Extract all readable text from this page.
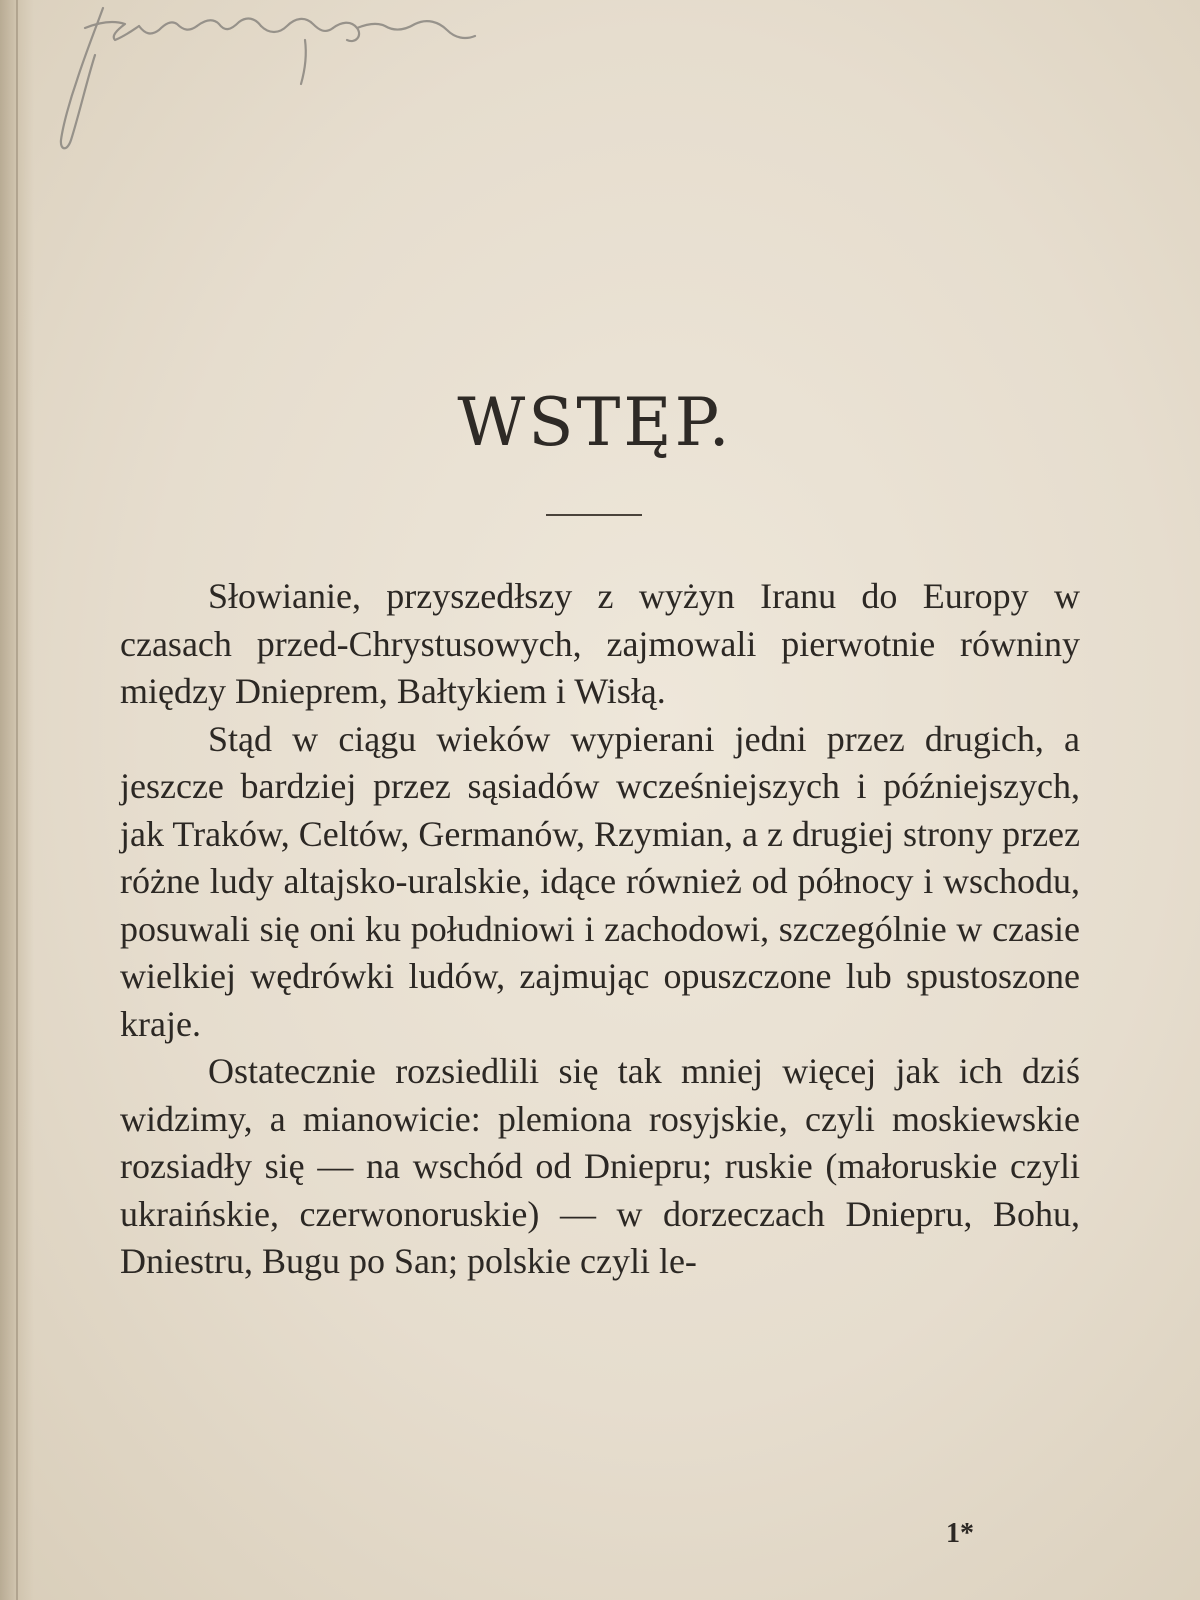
WSTĘP.

Słowianie, przyszedłszy z wyżyn Iranu do Europy w czasach przed-Chrystusowych, zajmowali pierwotnie równiny między Dnieprem, Bałtykiem i Wisłą.

Stąd w ciągu wieków wypierani jedni przez drugich, a jeszcze bardziej przez sąsiadów wcześniejszych i późniejszych, jak Traków, Celtów, Germanów, Rzymian, a z drugiej strony przez różne ludy altajsko-uralskie, idące również od północy i wschodu, posuwali się oni ku południowi i zachodowi, szczególnie w czasie wielkiej wędrówki ludów, zajmując opuszczone lub spustoszone kraje.

Ostatecznie rozsiedlili się tak mniej więcej jak ich dziś widzimy, a mianowicie: plemiona rosyjskie, czyli moskiewskie rozsiadły się — na wschód od Dniepru; ruskie (małoruskie czyli ukraińskie, czerwonoruskie) — w dorzeczach Dniepru, Bohu, Dniestru, Bugu po San; polskie czyli le-

1*
